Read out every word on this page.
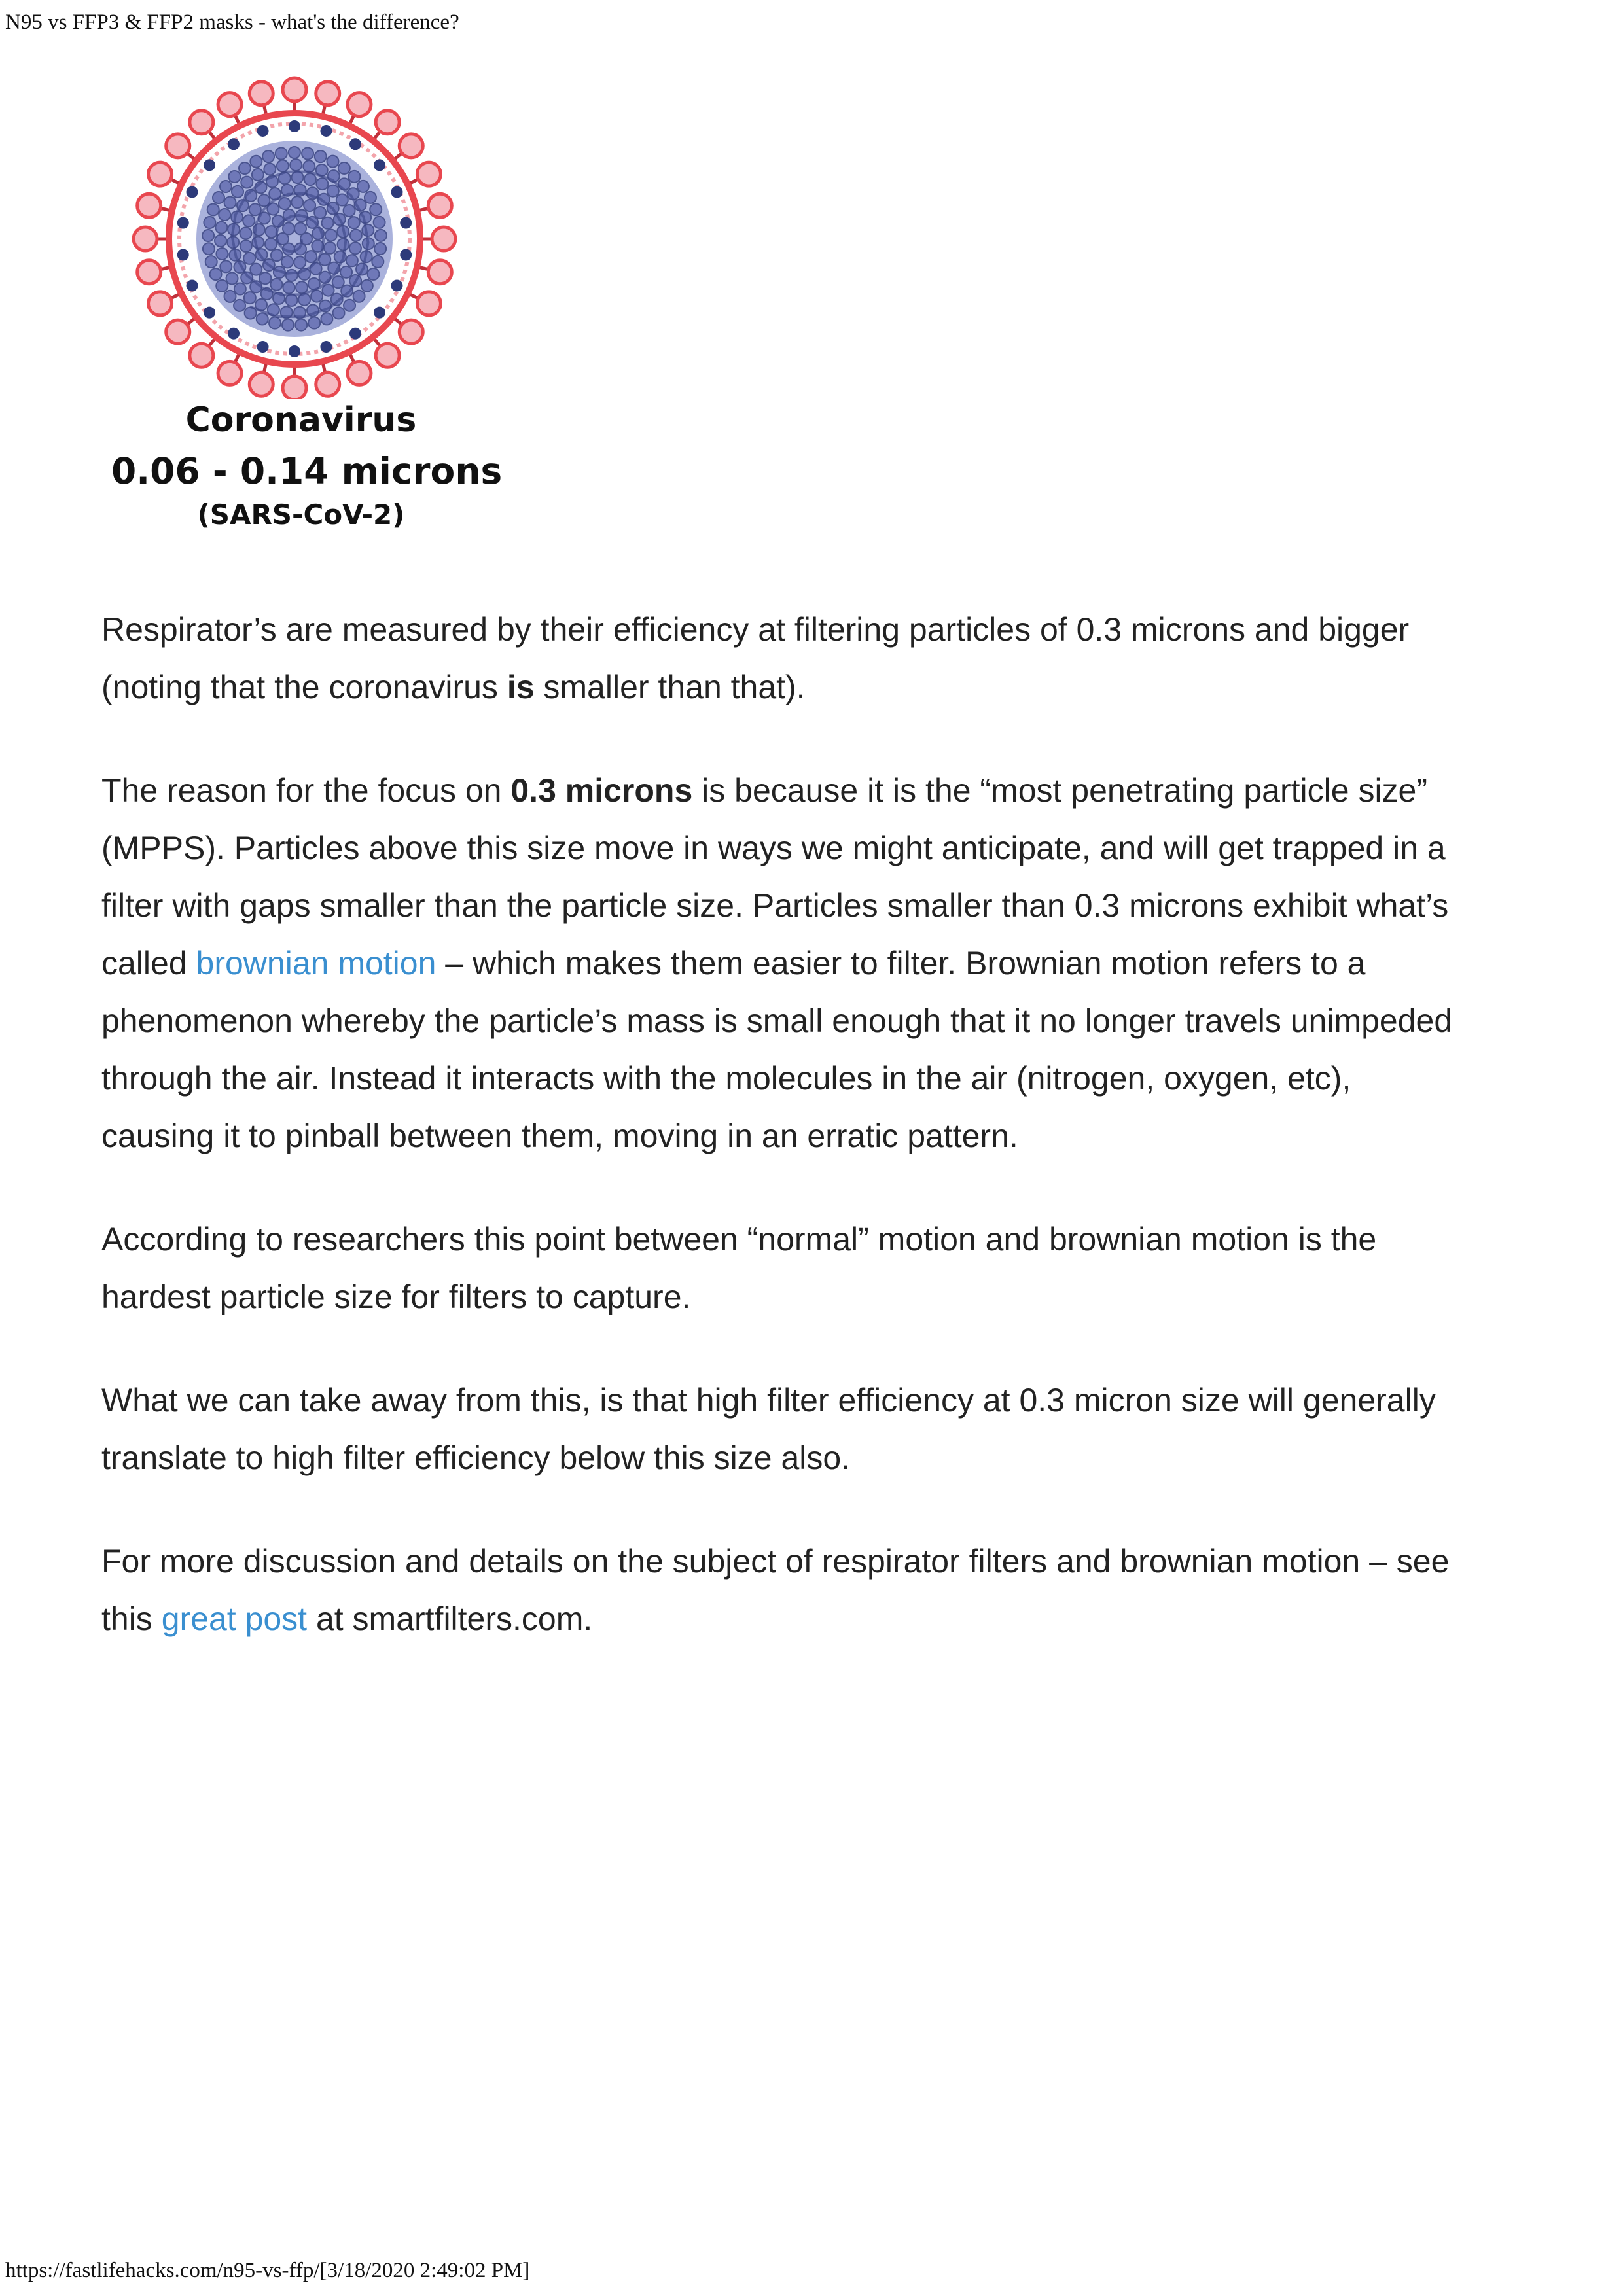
N95 vs FFP3 & FFP2 masks - what's the difference?
Coronavirus
0.06 - 0.14 microns
(SARS-CoV-2)

Respirator’s are measured by their efficiency at filtering particles of 0.3 microns and bigger (noting that the coronavirus is smaller than that).

The reason for the focus on 0.3 microns is because it is the “most penetrating particle size” (MPPS). Particles above this size move in ways we might anticipate, and will get trapped in a filter with gaps smaller than the particle size. Particles smaller than 0.3 microns exhibit what’s called brownian motion – which makes them easier to filter. Brownian motion refers to a phenomenon whereby the particle’s mass is small enough that it no longer travels unimpeded through the air. Instead it interacts with the molecules in the air (nitrogen, oxygen, etc), causing it to pinball between them, moving in an erratic pattern.

According to researchers this point between “normal” motion and brownian motion is the hardest particle size for filters to capture.

What we can take away from this, is that high filter efficiency at 0.3 micron size will generally translate to high filter efficiency below this size also.

For more discussion and details on the subject of respirator filters and brownian motion – see this great post at smartfilters.com.

https://fastlifehacks.com/n95-vs-ffp/[3/18/2020 2:49:02 PM]
